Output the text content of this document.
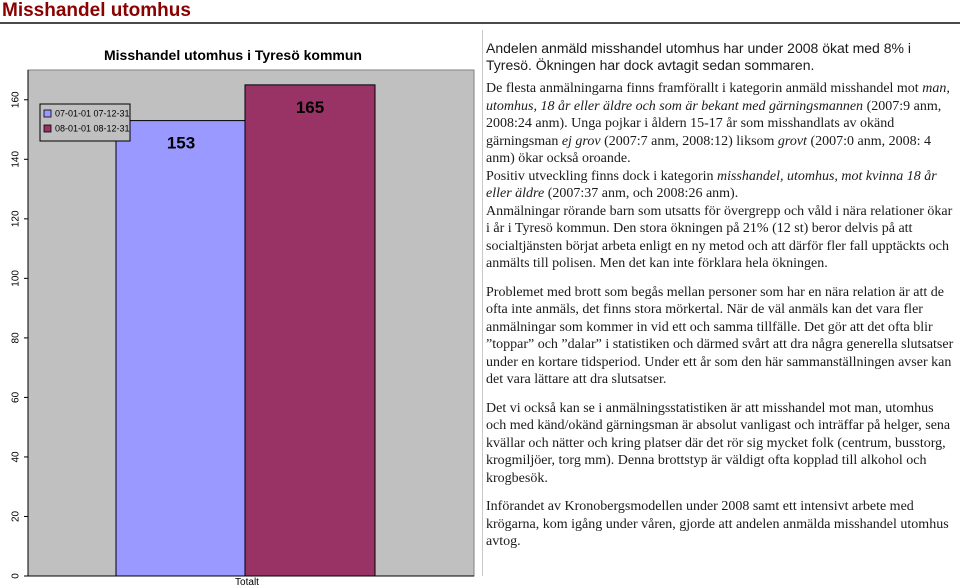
Misshandel utomhus
Misshandel utomhus i Tyresö kommun
0
20
40
60
80
100
120
140
160
153
165
Totalt
07-01-01 07-12-31
08-01-01 08-12-31

Andelen anmäld misshandel utomhus har under 2008 ökat med 8% i Tyresö. Ökningen har dock avtagit sedan sommaren.

De flesta anmälningarna finns framförallt i kategorin anmäld misshandel mot man, utomhus, 18 år eller äldre och som är bekant med gärningsmannen (2007:9 anm, 2008:24 anm). Unga pojkar i åldern 15-17 år som misshandlats av okänd gärningsman ej grov (2007:7 anm, 2008:12) liksom grovt (2007:0 anm, 2008: 4 anm) ökar också oroande.

Positiv utveckling finns dock i kategorin misshandel, utomhus, mot kvinna 18 år eller äldre (2007:37 anm, och 2008:26 anm).

Anmälningar rörande barn som utsatts för övergrepp och våld i nära relationer ökar i år i Tyresö kommun. Den stora ökningen på 21% (12 st) beror delvis på att socialtjänsten börjat arbeta enligt en ny metod och att därför fler fall upptäckts och anmälts till polisen. Men det kan inte förklara hela ökningen.

Problemet med brott som begås mellan personer som har en nära relation är att de ofta inte anmäls, det finns stora mörkertal. När de väl anmäls kan det vara fler anmälningar som kommer in vid ett och samma tillfälle. Det gör att det ofta blir ”toppar” och ”dalar” i statistiken och därmed svårt att dra några generella slutsatser under en kortare tidsperiod. Under ett år som den här sammanställningen avser kan det vara lättare att dra slutsatser.

Det vi också kan se i anmälningsstatistiken är att misshandel mot man, utomhus och med känd/okänd gärningsman är absolut vanligast och inträffar på helger, sena kvällar och nätter och kring platser där det rör sig mycket folk (centrum, busstorg, krogmiljöer, torg mm). Denna brottstyp är väldigt ofta kopplad till alkohol och krogbesök.

Införandet av Kronobergsmodellen under 2008 samt ett intensivt arbete med krögarna, kom igång under våren, gjorde att andelen anmälda misshandel utomhus avtog.
